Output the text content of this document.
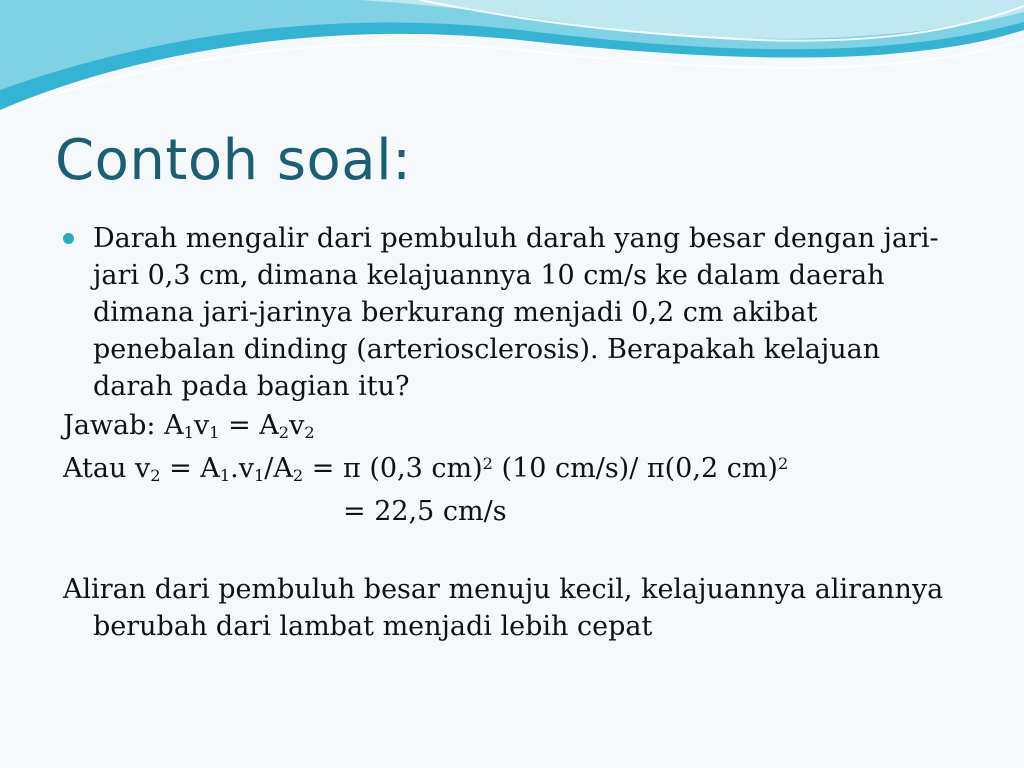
Contoh soal:
Darah mengalir dari pembuluh darah yang besar dengan jari-jari 0,3 cm, dimana kelajuannya 10 cm/s ke dalam daerah dimana jari-jarinya berkurang menjadi 0,2 cm akibat penebalan dinding (arteriosclerosis). Berapakah kelajuan darah pada bagian itu?

Jawab: $A_1v_1 = A_2v_2$

Atau $v_2 = A_1.v_1/A_2 = \pi$ (0,3 cm)$^2$ (10 cm/s)/ π(0,2 cm)$^2$

= 22,5 cm/s

Aliran dari pembuluh besar menuju kecil, kelajuannya alirannya berubah dari lambat menjadi lebih cepat
